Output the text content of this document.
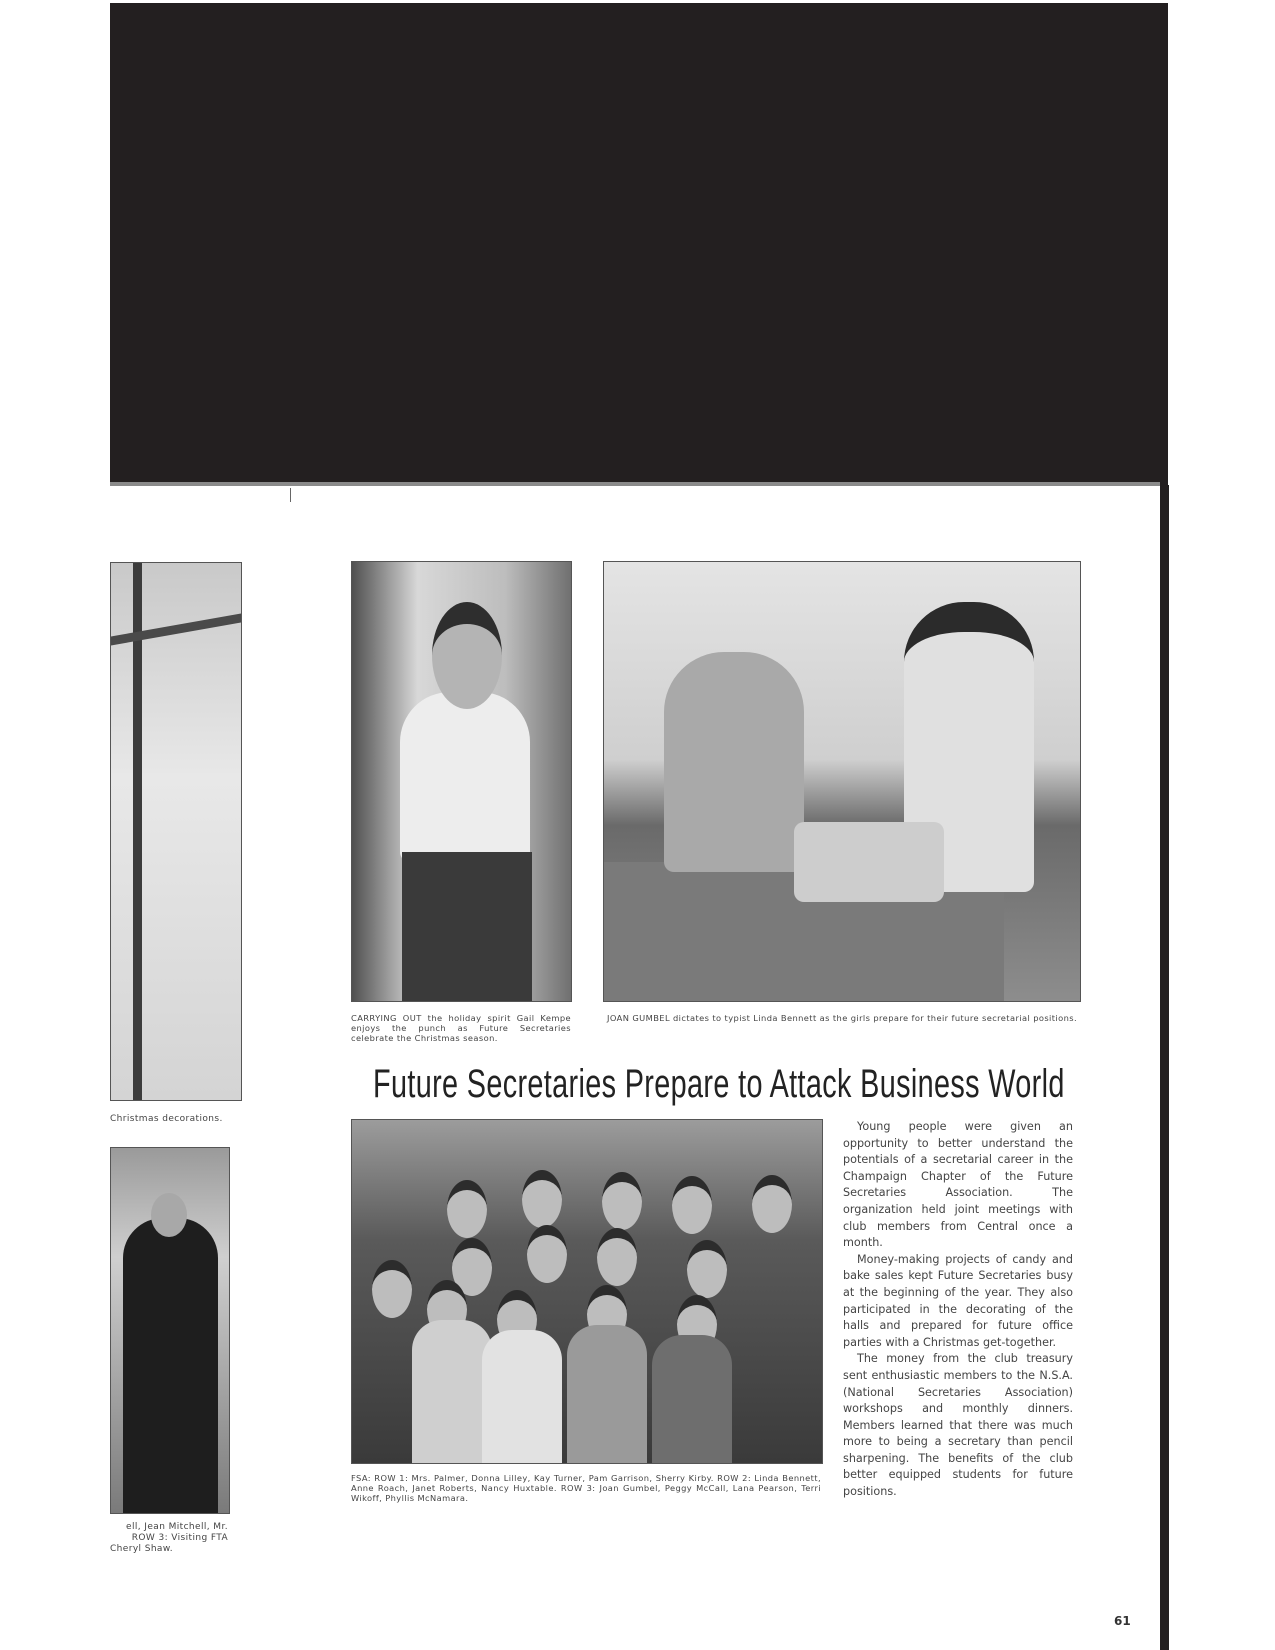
Christmas decorations.
ell, Jean Mitchell, Mr.
ROW 3: Visiting FTA
Cheryl Shaw.
CARRYING OUT the holiday spirit Gail Kempe enjoys the punch as Future Secretaries celebrate the Christmas season.
JOAN GUMBEL dictates to typist Linda Bennett as the girls prepare for their future secretarial positions.
Future Secretaries Prepare to Attack Business World
FSA: ROW 1: Mrs. Palmer, Donna Lilley, Kay Turner, Pam Garrison, Sherry Kirby. ROW 2: Linda Bennett, Anne Roach, Janet Roberts, Nancy Huxtable. ROW 3: Joan Gumbel, Peggy McCall, Lana Pearson, Terri Wikoff, Phyllis McNamara.

Young people were given an opportunity to better understand the potentials of a secretarial career in the Champaign Chapter of the Future Secretaries Association. The organization held joint meetings with club members from Central once a month.

Money-making projects of candy and bake sales kept Future Secretaries busy at the beginning of the year. They also participated in the decorating of the halls and prepared for future office parties with a Christmas get-together.

The money from the club treasury sent enthusiastic members to the N.S.A. (National Secretaries Association) workshops and monthly dinners. Members learned that there was much more to being a secretary than pencil sharpening. The benefits of the club better equipped students for future positions.

61
